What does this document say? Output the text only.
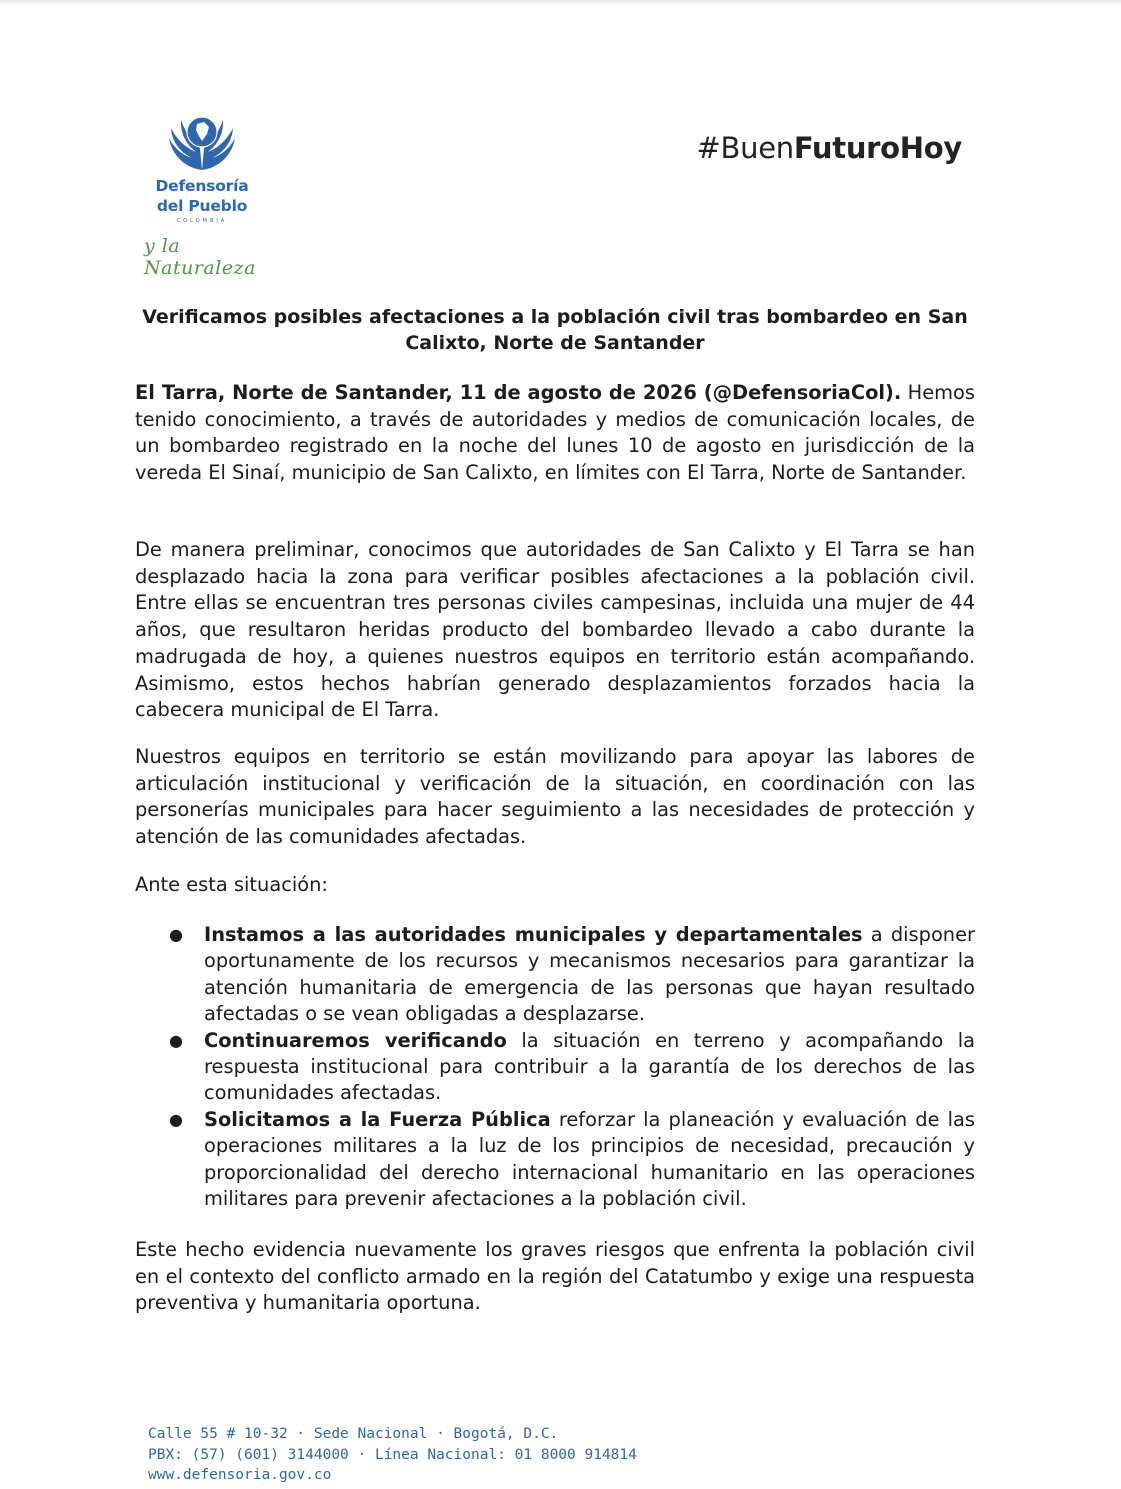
Defensoría
del Pueblo
COLOMBIA
y la Naturaleza
#BuenFuturoHoy
Verificamos posibles afectaciones a la población civil tras bombardeo en San Calixto, Norte de Santander

El Tarra, Norte de Santander, 11 de agosto de 2026 (@DefensoriaCol). Hemos tenido conocimiento, a través de autoridades y medios de comunicación locales, de un bombardeo registrado en la noche del lunes 10 de agosto en jurisdicción de la vereda El Sinaí, municipio de San Calixto, en límites con El Tarra, Norte de Santander.

De manera preliminar, conocimos que autoridades de San Calixto y El Tarra se han desplazado hacia la zona para verificar posibles afectaciones a la población civil. Entre ellas se encuentran tres personas civiles campesinas, incluida una mujer de 44 años, que resultaron heridas producto del bombardeo llevado a cabo durante la madrugada de hoy, a quienes nuestros equipos en territorio están acompañando. Asimismo, estos hechos habrían generado desplazamientos forzados hacia la cabecera municipal de El Tarra.

Nuestros equipos en territorio se están movilizando para apoyar las labores de articulación institucional y verificación de la situación, en coordinación con las personerías municipales para hacer seguimiento a las necesidades de protección y atención de las comunidades afectadas.

Ante esta situación:

● Instamos a las autoridades municipales y departamentales a disponer oportunamente de los recursos y mecanismos necesarios para garantizar la atención humanitaria de emergencia de las personas que hayan resultado afectadas o se vean obligadas a desplazarse.
● Continuaremos verificando la situación en terreno y acompañando la respuesta institucional para contribuir a la garantía de los derechos de las comunidades afectadas.
● Solicitamos a la Fuerza Pública reforzar la planeación y evaluación de las operaciones militares a la luz de los principios de necesidad, precaución y proporcionalidad del derecho internacional humanitario en las operaciones militares para prevenir afectaciones a la población civil.

Este hecho evidencia nuevamente los graves riesgos que enfrenta la población civil en el contexto del conflicto armado en la región del Catatumbo y exige una respuesta preventiva y humanitaria oportuna.

Calle 55 # 10-32 · Sede Nacional · Bogotá, D.C.
PBX: (57) (601) 3144000 · Línea Nacional: 01 8000 914814
www.defensoria.gov.co
